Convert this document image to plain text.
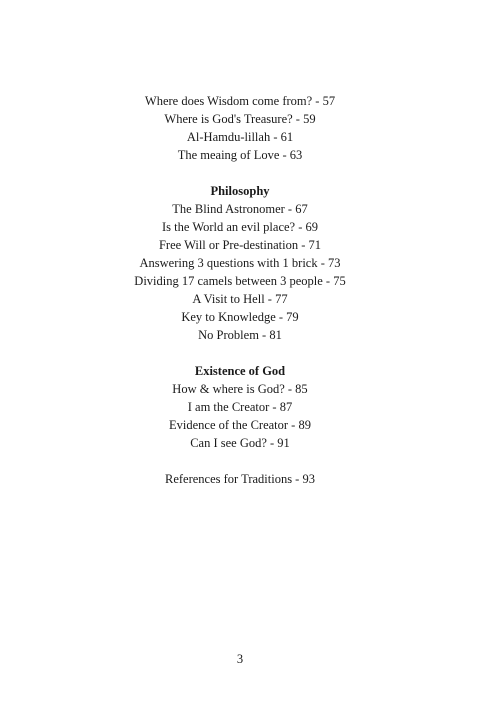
Where does Wisdom come from? - 57
Where is God's Treasure? - 59
Al-Hamdu-lillah - 61
The meaing of Love - 63
Philosophy
The Blind Astronomer - 67
Is the World an evil place? - 69
Free Will or Pre-destination - 71
Answering 3 questions with 1 brick - 73
Dividing 17 camels between 3 people - 75
A Visit to Hell - 77
Key to Knowledge - 79
No Problem - 81
Existence of God
How & where is God? - 85
I am the Creator - 87
Evidence of the Creator - 89
Can I see God? - 91
References for Traditions - 93
3
